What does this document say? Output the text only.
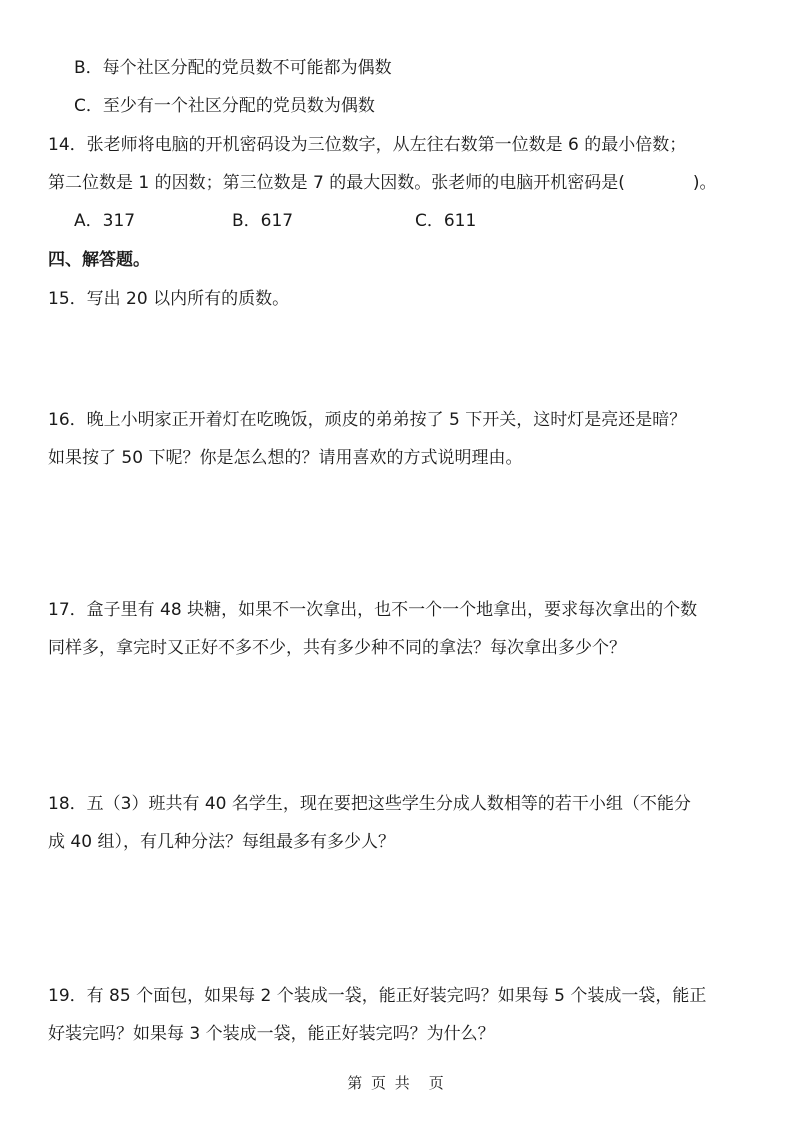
B．每个社区分配的党员数不可能都为偶数
C．至少有一个社区分配的党员数为偶数
14．张老师将电脑的开机密码设为三位数字，从左往右数第一位数是 6 的最小倍数；
第二位数是 1 的因数；第三位数是 7 的最大因数。张老师的电脑开机密码是(　　　　)。
A．317	B．617	C．611
四、解答题。
15．写出 20 以内所有的质数。
16．晚上小明家正开着灯在吃晚饭，顽皮的弟弟按了 5 下开关，这时灯是亮还是暗？
如果按了 50 下呢？你是怎么想的？请用喜欢的方式说明理由。
17．盒子里有 48 块糖，如果不一次拿出，也不一个一个地拿出，要求每次拿出的个数
同样多，拿完时又正好不多不少，共有多少种不同的拿法？每次拿出多少个？
18．五（3）班共有 40 名学生，现在要把这些学生分成人数相等的若干小组（不能分
成 40 组），有几种分法？每组最多有多少人？
19．有 85 个面包，如果每 2 个装成一袋，能正好装完吗？如果每 5 个装成一袋，能正
好装完吗？如果每 3 个装成一袋，能正好装完吗？为什么？
第 页 共　页
